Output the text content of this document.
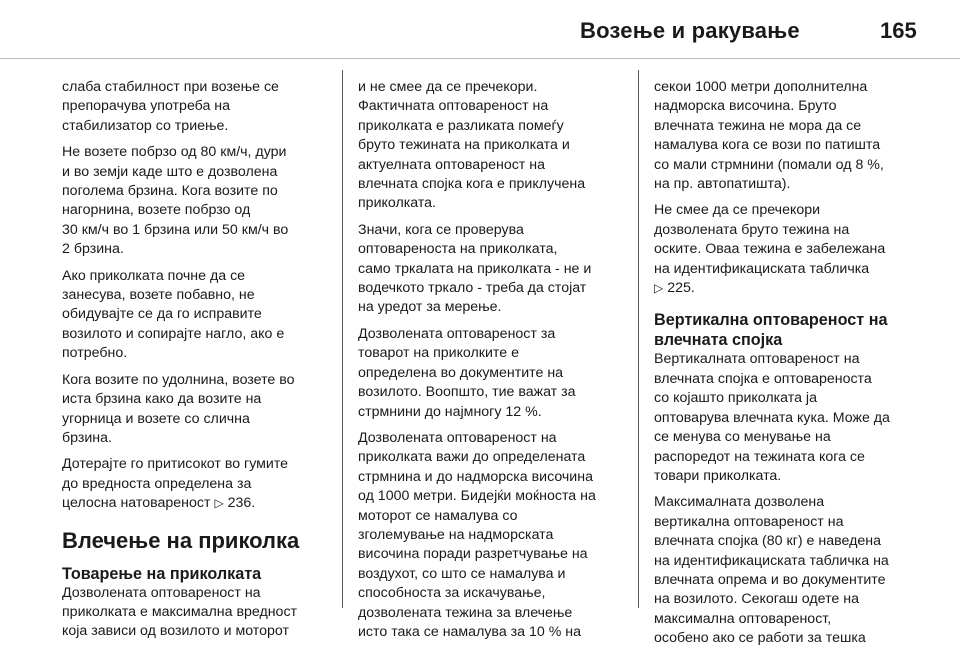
Возење и ракување	165

слаба стабилност при возење се
препорачува употреба на
стабилизатор со триење.

Не возете побрзо од 80 км/ч, дури
и во земји каде што е дозволена
поголема брзина. Кога возите по
нагорнина, возете побрзо од
30 км/ч во 1 брзина или 50 км/ч во
2 брзина.

Ако приколката почне да се
занесува, возете побавно, не
обидувајте се да го исправите
возилото и сопирајте нагло, ако е
потребно.

Кога возите по удолнина, возете во
иста брзина како да возите на
угорница и возете со слична
брзина.

Дотерајте го притисокот во гумите
до вредноста определена за
целосна натовареност ▷ 236.

Влечење на приколка
Товарење на приколката

Дозволената оптовареност на
приколката е максимална вредност
која зависи од возилото и моторот

и не смее да се пречекори.
Фактичната оптовареност на
приколката е разликата помеѓу
бруто тежината на приколката и
актуелната оптовареност на
влечната спојка кога е приклучена
приколката.

Значи, кога се проверува
оптовареноста на приколката,
само тркалата на приколката - не и
водечкото тркало - треба да стојат
на уредот за мерење.

Дозволената оптовареност за
товарот на приколките е
определена во документите на
возилото. Воопшто, тие важат за
стрмнини до најмногу 12 %.

Дозволената оптовареност на
приколката важи до определената
стрмнина и до надморска височина
од 1000 метри. Бидејќи моќноста на
моторот се намалува со
зголемување на надморската
височина поради разретчување на
воздухот, со што се намалува и
способноста за искачување,
дозволената тежина за влечење
исто така се намалува за 10 % на

секои 1000 метри дополнителна
надморска височина. Бруто
влечната тежина не мора да се
намалува кога се вози по патишта
со мали стрмнини (помали од 8 %,
на пр. автопатишта).

Не смее да се пречекори
дозволената бруто тежина на
оските. Оваа тежина е забележана
на идентификациската табличка
▷ 225.

Вертикална оптовареност на
влечната спојка

Вертикалната оптовареност на
влечната спојка е оптовареноста
со којашто приколката ја
оптоварува влечната кука. Може да
се менува со менување на
распоредот на тежината кога се
товари приколката.

Максималната дозволена
вертикална оптовареност на
влечната спојка (80 кг) е наведена
на идентификациската табличка на
влечната опрема и во документите
на возилото. Секогаш одете на
максимална оптовареност,
особено ако се работи за тешка
